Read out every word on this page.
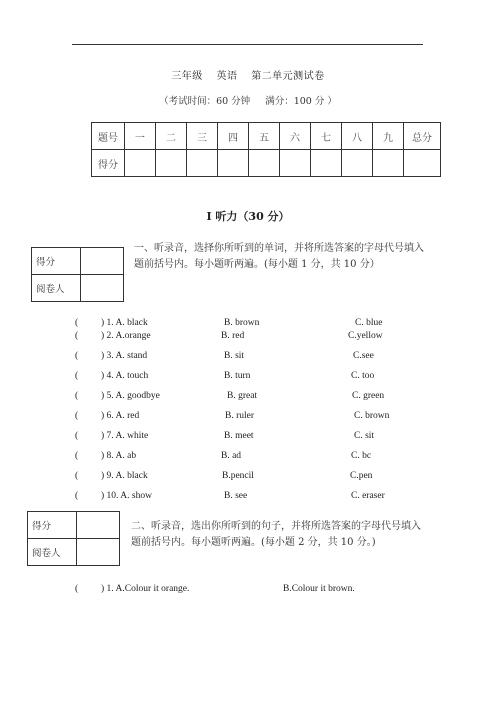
三年级 英语 第二单元测试卷
（考试时间：60 分钟 满分：100 分 ）
题号	一	二	三	四	五	六	七	八	九	总分
得分										
I 听力（30 分）
得分	
阅卷人	
一、听录音，选择你所听到的单词，并将所选答案的字母代号填入题前括号内。每小题听两遍。(每小题 1 分，共 10 分）
( ) 1. A. black	B. brown	C. blue
( ) 2. A.orange	B. red	C.yellow
( ) 3. A. stand	B. sit	C.see
( ) 4. A. touch	B. turn	C. too
( ) 5. A. goodbye	B. great	C. green
( ) 6. A. red	B. ruler	C. brown
( ) 7. A. white	B. meet	C. sit
( ) 8. A. ab	B. ad	C. bc
( ) 9. A. black	B.pencil	C.pen
( ) 10. A. show	B. see	C. eraser
得分	
阅卷人	
二、听录音，选出你所听到的句子，并将所选答案的字母代号填入题前括号内。每小题听两遍。(每小题 2 分，共 10 分。)
( ) 1. A.Colour it orange.	B.Colour it brown.
